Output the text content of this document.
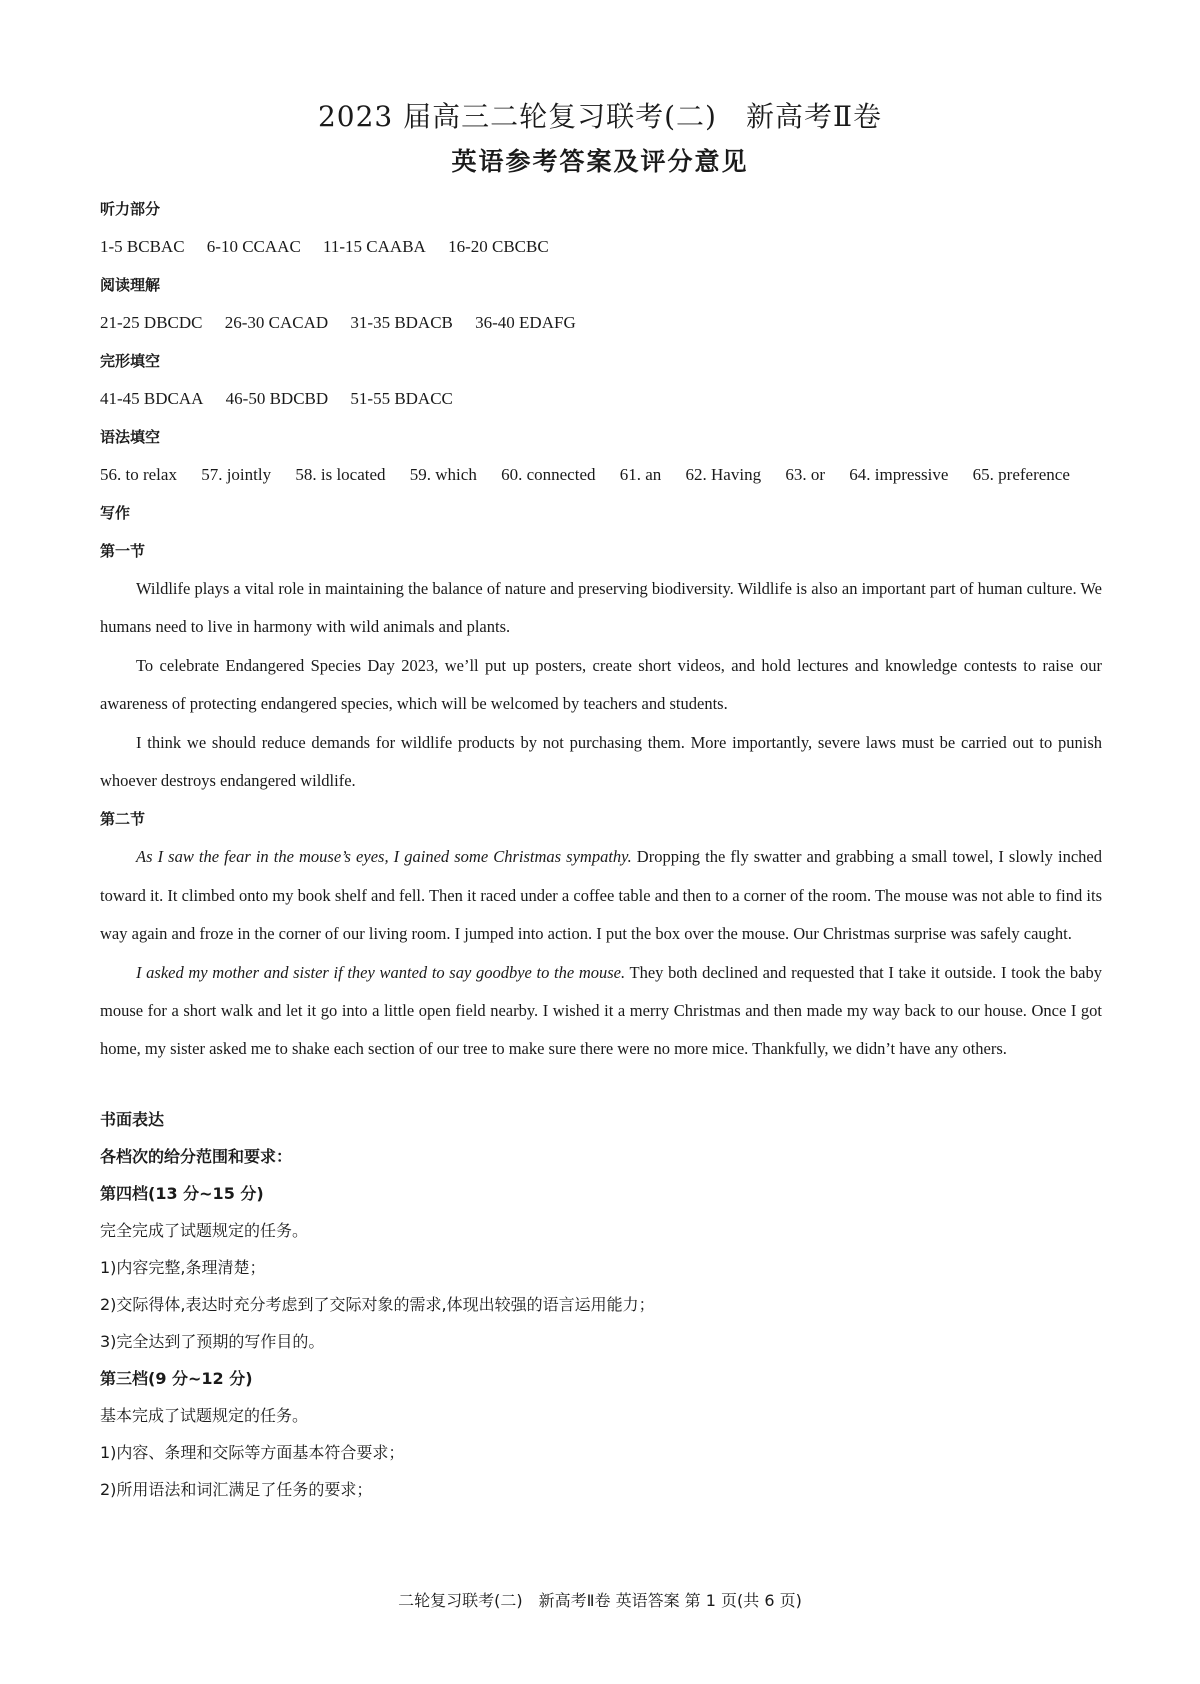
2023 届高三二轮复习联考(二)　新高考Ⅱ卷
英语参考答案及评分意见

听力部分

1-5 BCBAC 6-10 CCAAC 11-15 CAABA 16-20 CBCBC

阅读理解

21-25 DBCDC 26-30 CACAD 31-35 BDACB 36-40 EDAFG

完形填空

41-45 BDCAA 46-50 BDCBD 51-55 BDACC

语法填空

56. to relax 57. jointly 58. is located 59. which 60. connected 61. an 62. Having 63. or 64. impressive 65. preference

写作

第一节

Wildlife plays a vital role in maintaining the balance of nature and preserving biodiversity. Wildlife is also an important part of human culture. We humans need to live in harmony with wild animals and plants.

To celebrate Endangered Species Day 2023, we’ll put up posters, create short videos, and hold lectures and knowledge contests to raise our awareness of protecting endangered species, which will be welcomed by teachers and students.

I think we should reduce demands for wildlife products by not purchasing them. More importantly, severe laws must be carried out to punish whoever destroys endangered wildlife.

第二节

As I saw the fear in the mouse’s eyes, I gained some Christmas sympathy. Dropping the fly swatter and grabbing a small towel, I slowly inched toward it. It climbed onto my book shelf and fell. Then it raced under a coffee table and then to a corner of the room. The mouse was not able to find its way again and froze in the corner of our living room. I jumped into action. I put the box over the mouse. Our Christmas surprise was safely caught.

I asked my mother and sister if they wanted to say goodbye to the mouse. They both declined and requested that I take it outside. I took the baby mouse for a short walk and let it go into a little open field nearby. I wished it a merry Christmas and then made my way back to our house. Once I got home, my sister asked me to shake each section of our tree to make sure there were no more mice. Thankfully, we didn’t have any others.

书面表达

各档次的给分范围和要求：

第四档(13 分~15 分)

完全完成了试题规定的任务。

1)内容完整,条理清楚；

2)交际得体,表达时充分考虑到了交际对象的需求,体现出较强的语言运用能力；

3)完全达到了预期的写作目的。

第三档(9 分~12 分)

基本完成了试题规定的任务。

1)内容、条理和交际等方面基本符合要求；

2)所用语法和词汇满足了任务的要求；

二轮复习联考(二)　新高考Ⅱ卷 英语答案 第 1 页(共 6 页)
